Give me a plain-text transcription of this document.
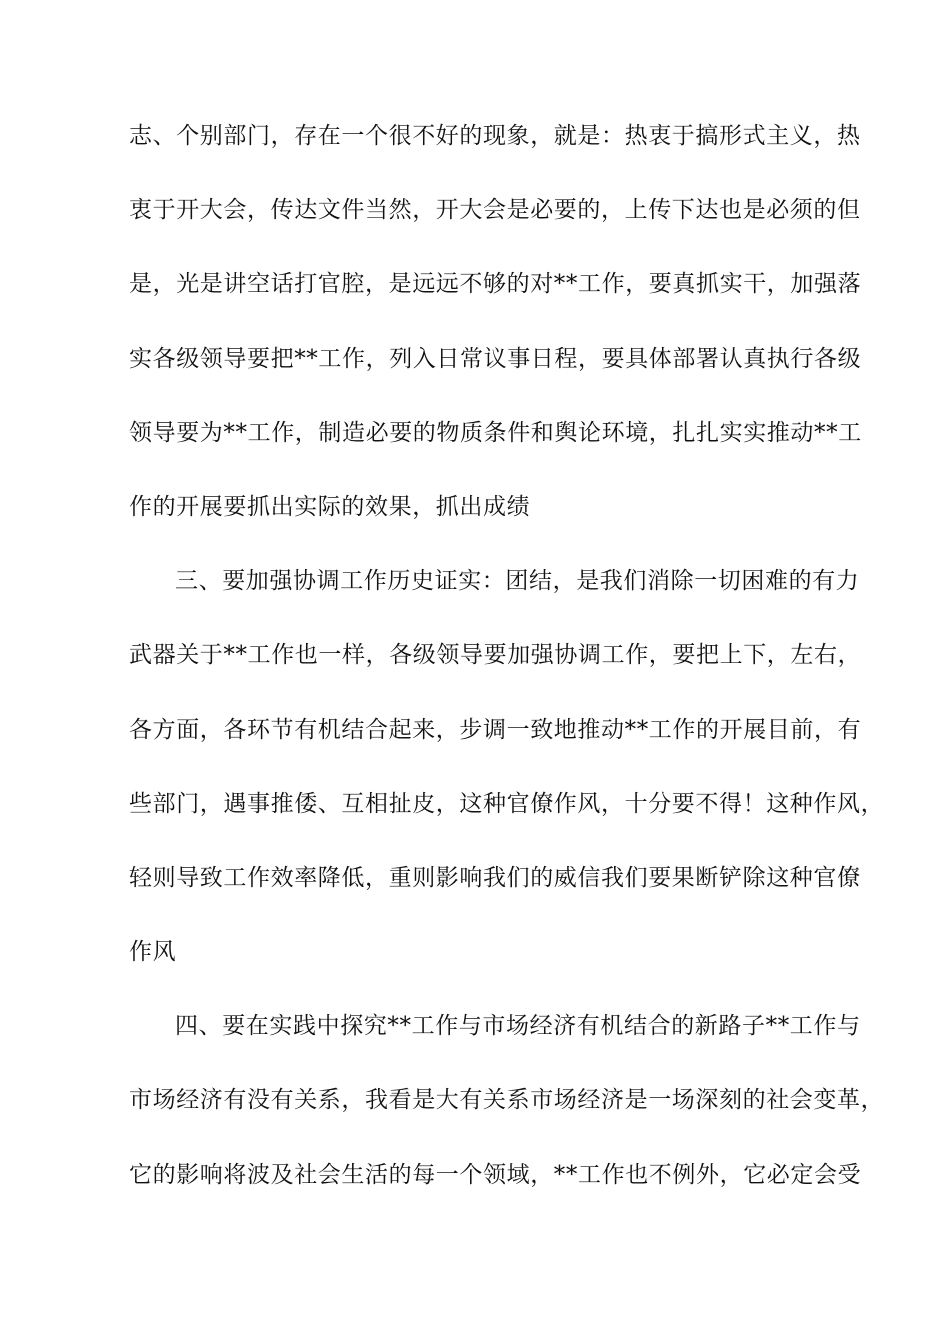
志、个别部门，存在一个很不好的现象，就是：热衷于搞形式主义，热
衷于开大会，传达文件当然，开大会是必要的，上传下达也是必须的但
是，光是讲空话打官腔，是远远不够的对**工作，要真抓实干，加强落
实各级领导要把**工作，列入日常议事日程，要具体部署认真执行各级
领导要为**工作，制造必要的物质条件和舆论环境，扎扎实实推动**工
作的开展要抓出实际的效果，抓出成绩
三、要加强协调工作历史证实：团结，是我们消除一切困难的有力
武器关于**工作也一样，各级领导要加强协调工作，要把上下，左右，
各方面，各环节有机结合起来，步调一致地推动**工作的开展目前，有
些部门，遇事推倭、互相扯皮，这种官僚作风，十分要不得！这种作风，
轻则导致工作效率降低，重则影响我们的威信我们要果断铲除这种官僚
作风
四、要在实践中探究**工作与市场经济有机结合的新路子**工作与
市场经济有没有关系，我看是大有关系市场经济是一场深刻的社会变革，
它的影响将波及社会生活的每一个领域，**工作也不例外，它必定会受
